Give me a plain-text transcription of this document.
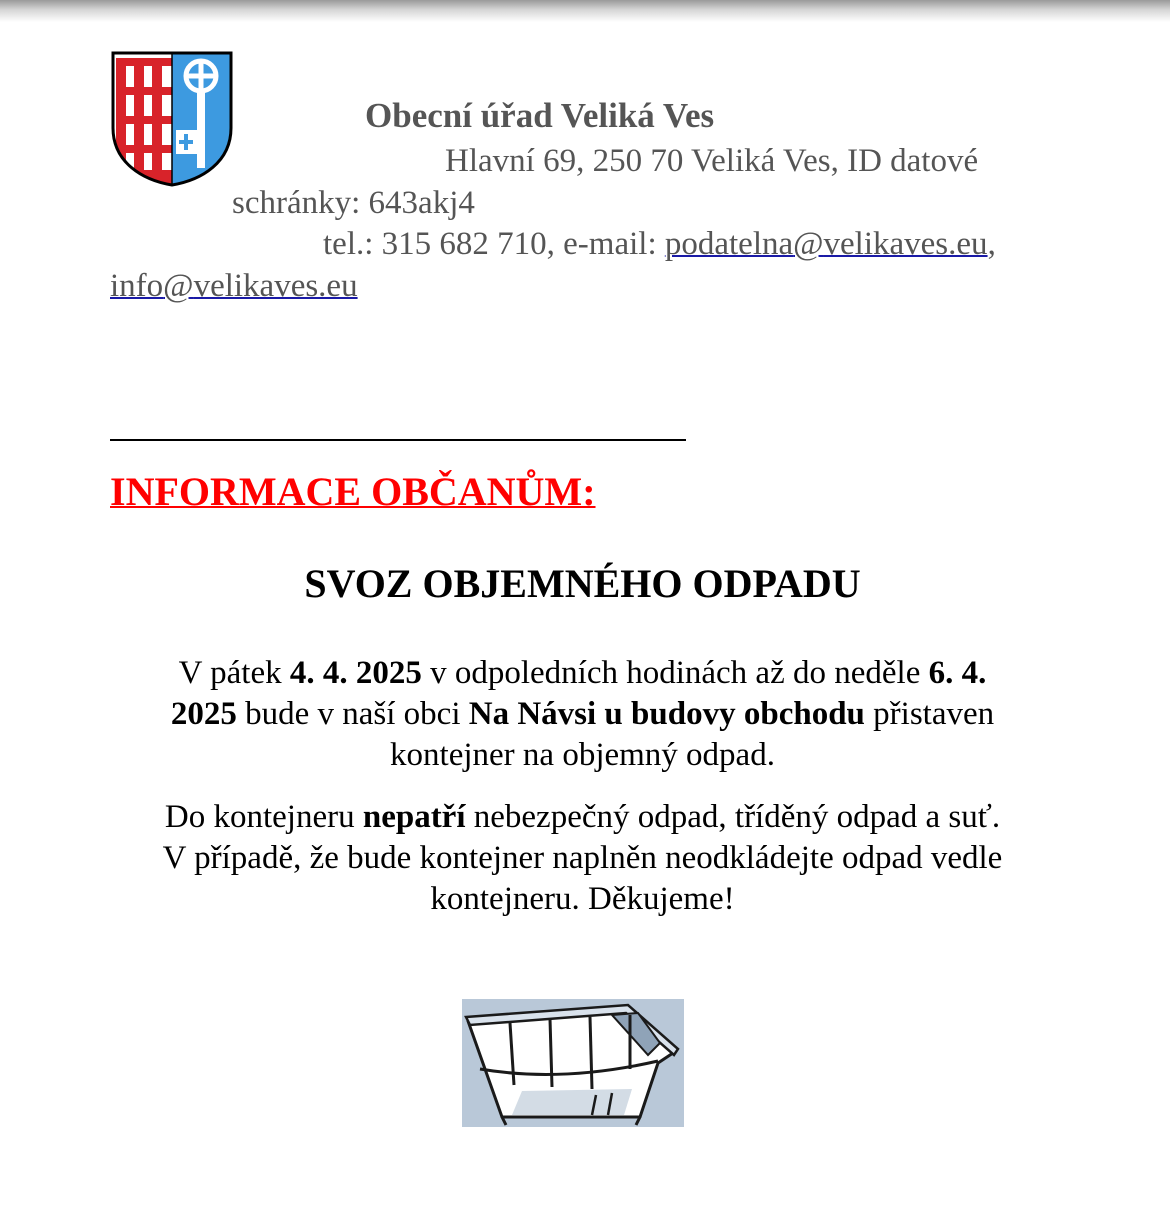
Obecní úřad Veliká Ves
Hlavní 69, 250 70 Veliká Ves, ID datové
schránky: 643akj4
tel.: 315 682 710, e-mail: podatelna@velikaves.eu,
info@velikaves.eu
INFORMACE OBČANŮM:
SVOZ OBJEMNÉHO ODPADU
V pátek 4. 4. 2025 v odpoledních hodinách až do neděle 6. 4.
2025 bude v naší obci Na Návsi u budovy obchodu přistaven
kontejner na objemný odpad.
Do kontejneru nepatří nebezpečný odpad, tříděný odpad a suť.
V případě, že bude kontejner naplněn neodkládejte odpad vedle
kontejneru. Děkujeme!
